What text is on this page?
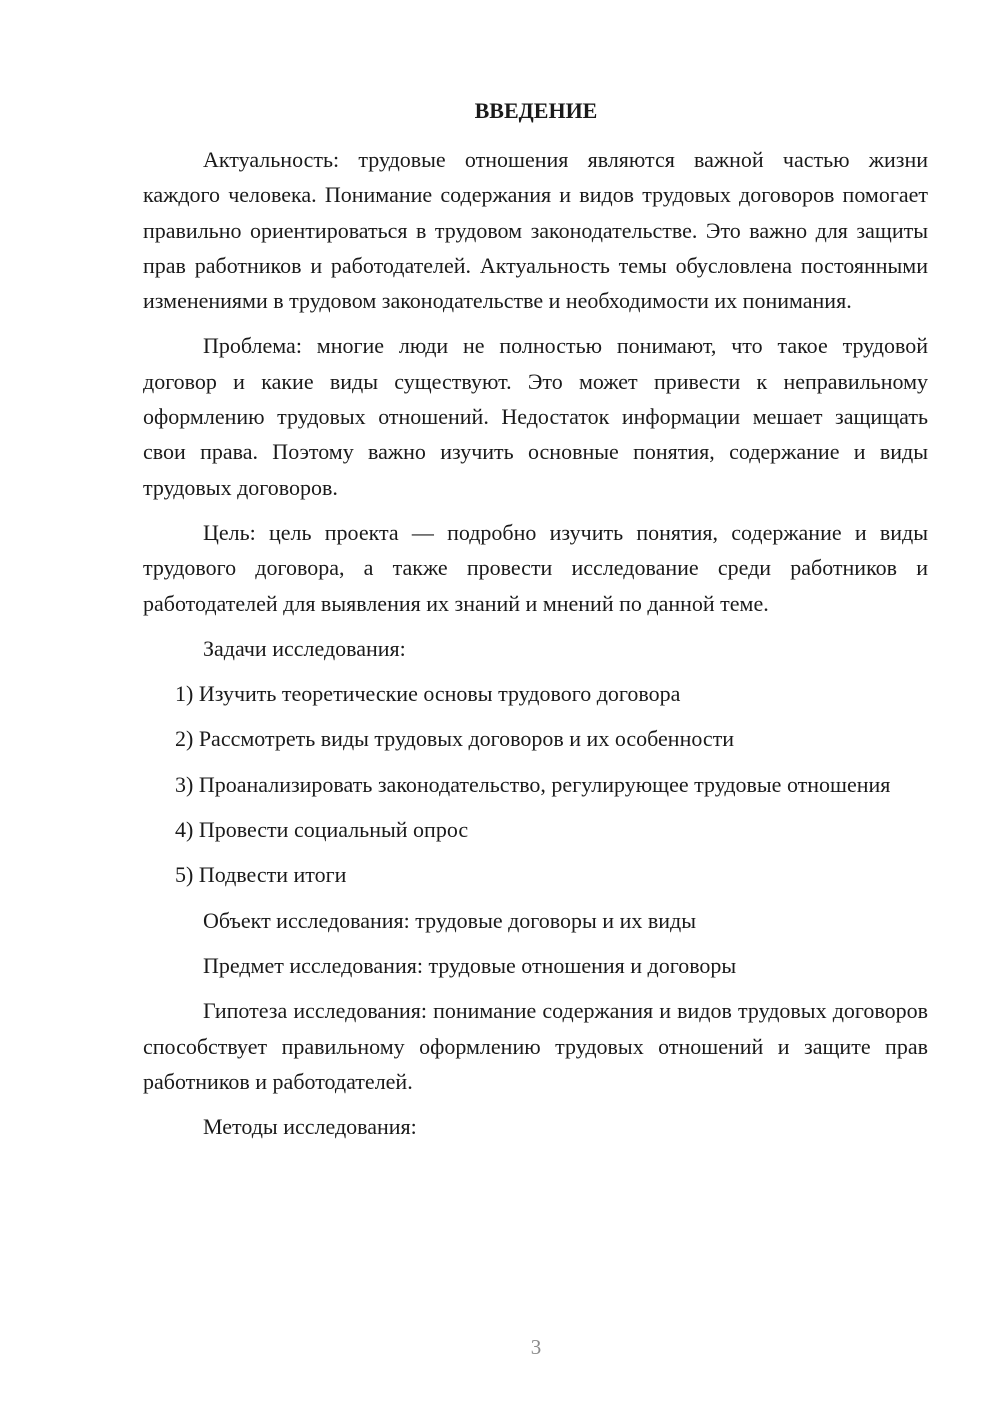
ВВЕДЕНИЕ

Актуальность: трудовые отношения являются важной частью жизни каждого человека. Понимание содержания и видов трудовых договоров помогает правильно ориентироваться в трудовом законодательстве. Это важно для защиты прав работников и работодателей. Актуальность темы обусловлена постоянными изменениями в трудовом законодательстве и необходимости их понимания.

Проблема: многие люди не полностью понимают, что такое трудовой договор и какие виды существуют. Это может привести к неправильному оформлению трудовых отношений. Недостаток информации мешает защищать свои права. Поэтому важно изучить основные понятия, содержание и виды трудовых договоров.

Цель: цель проекта — подробно изучить понятия, содержание и виды трудового договора, а также провести исследование среди работников и работодателей для выявления их знаний и мнений по данной теме.

Задачи исследования:

1) Изучить теоретические основы трудового договора

2) Рассмотреть виды трудовых договоров и их особенности

3) Проанализировать законодательство, регулирующее трудовые отношения

4) Провести социальный опрос

5) Подвести итоги

Объект исследования: трудовые договоры и их виды

Предмет исследования: трудовые отношения и договоры

Гипотеза исследования: понимание содержания и видов трудовых договоров способствует правильному оформлению трудовых отношений и защите прав работников и работодателей.

Методы исследования:

3
